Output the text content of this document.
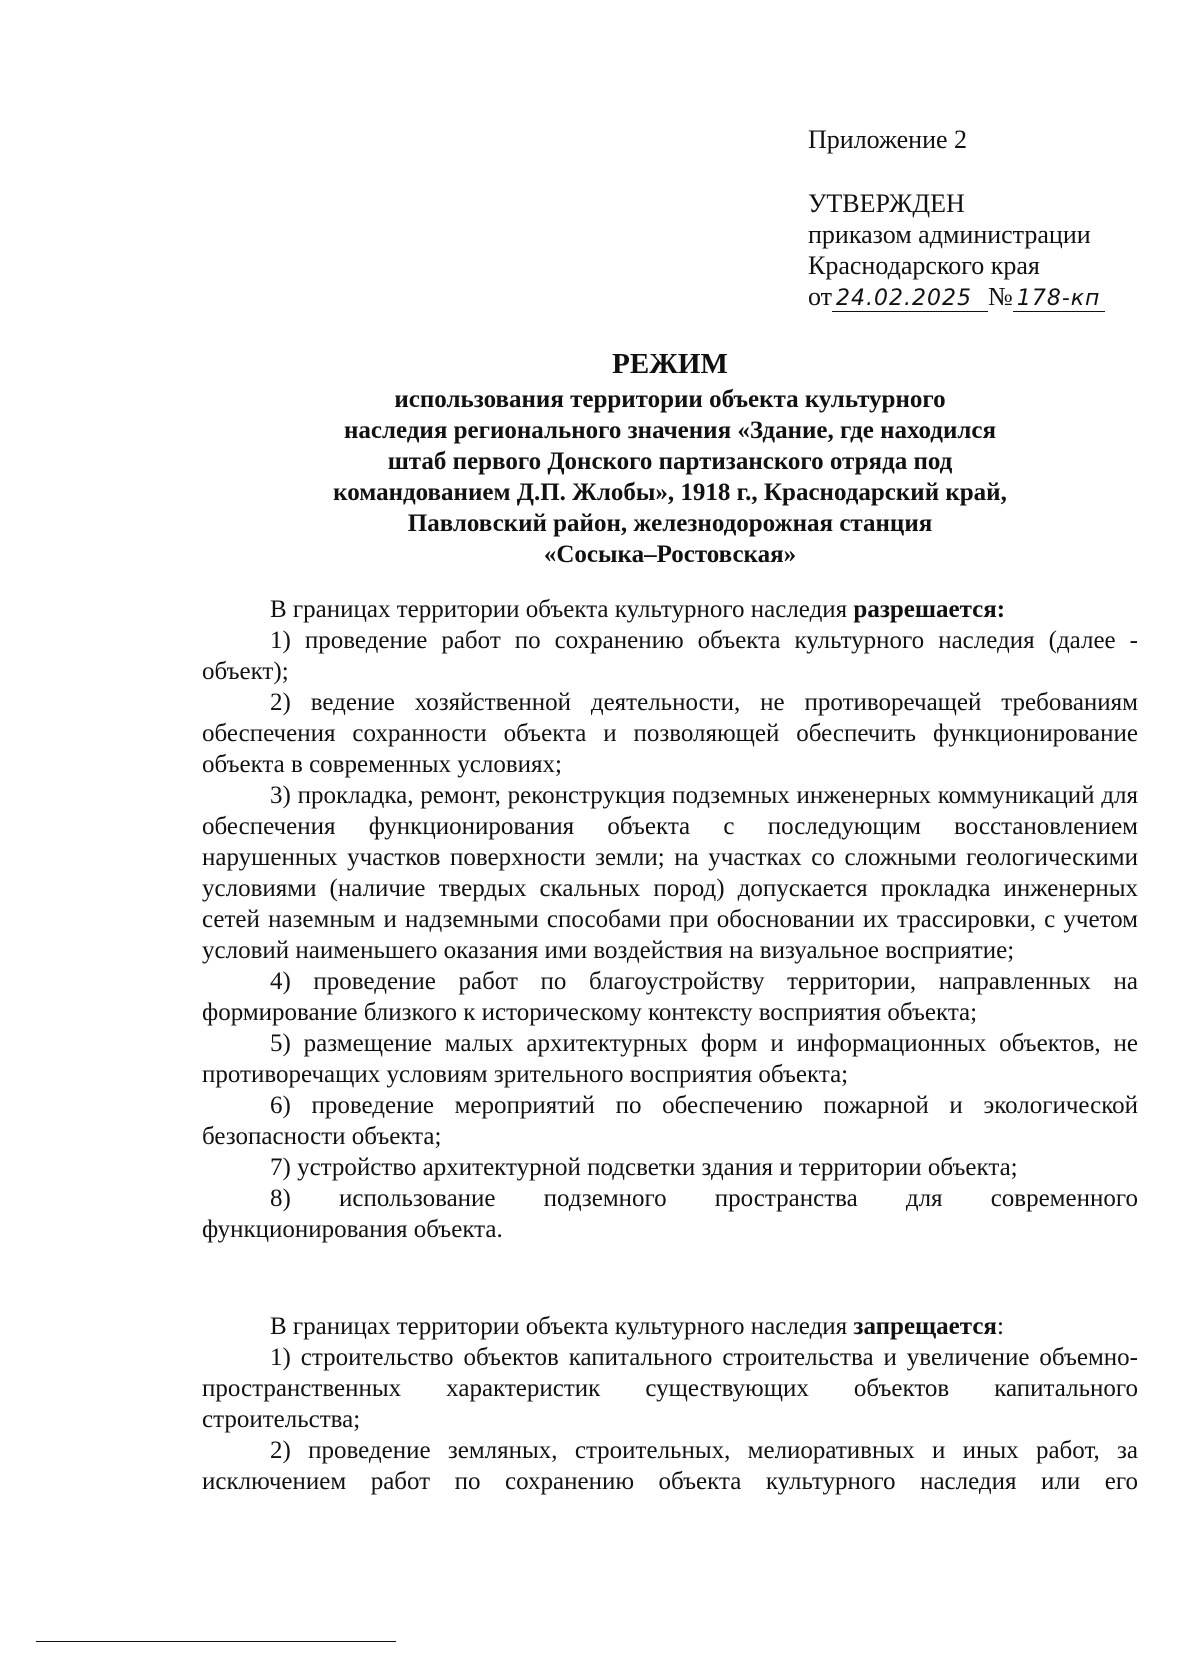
Приложение 2
УТВЕРЖДЕН
приказом администрации
Краснодарского края
от 24.02.2025 № 178-кп
РЕЖИМ
использования территории объекта культурного
наследия регионального значения «Здание, где находился
штаб первого Донского партизанского отряда под
командованием Д.П. Жлобы», 1918 г., Краснодарский край,
Павловский район, железнодорожная станция
«Сосыка–Ростовская»

В границах территории объекта культурного наследия разрешается:

1) проведение работ по сохранению объекта культурного наследия (далее - объект);

2) ведение хозяйственной деятельности, не противоречащей требованиям обеспечения сохранности объекта и позволяющей обеспечить функционирование объекта в современных условиях;

3) прокладка, ремонт, реконструкция подземных инженерных коммуникаций для обеспечения функционирования объекта с последующим восстановлением нарушенных участков поверхности земли; на участках со сложными геологическими условиями (наличие твердых скальных пород) допускается прокладка инженерных сетей наземным и надземными способами при обосновании их трассировки, с учетом условий наименьшего оказания ими воздействия на визуальное восприятие;

4) проведение работ по благоустройству территории, направленных на формирование близкого к историческому контексту восприятия объекта;

5) размещение малых архитектурных форм и информационных объектов, не противоречащих условиям зрительного восприятия объекта;

6) проведение мероприятий по обеспечению пожарной и экологической безопасности объекта;

7) устройство архитектурной подсветки здания и территории объекта;

8) использование подземного пространства для современного функционирования объекта.

В границах территории объекта культурного наследия запрещается:

1) строительство объектов капитального строительства и увеличение объемно-пространственных характеристик существующих объектов капитального строительства;

2) проведение земляных, строительных, мелиоративных и иных работ, за исключением работ по сохранению объекта культурного наследия или его
